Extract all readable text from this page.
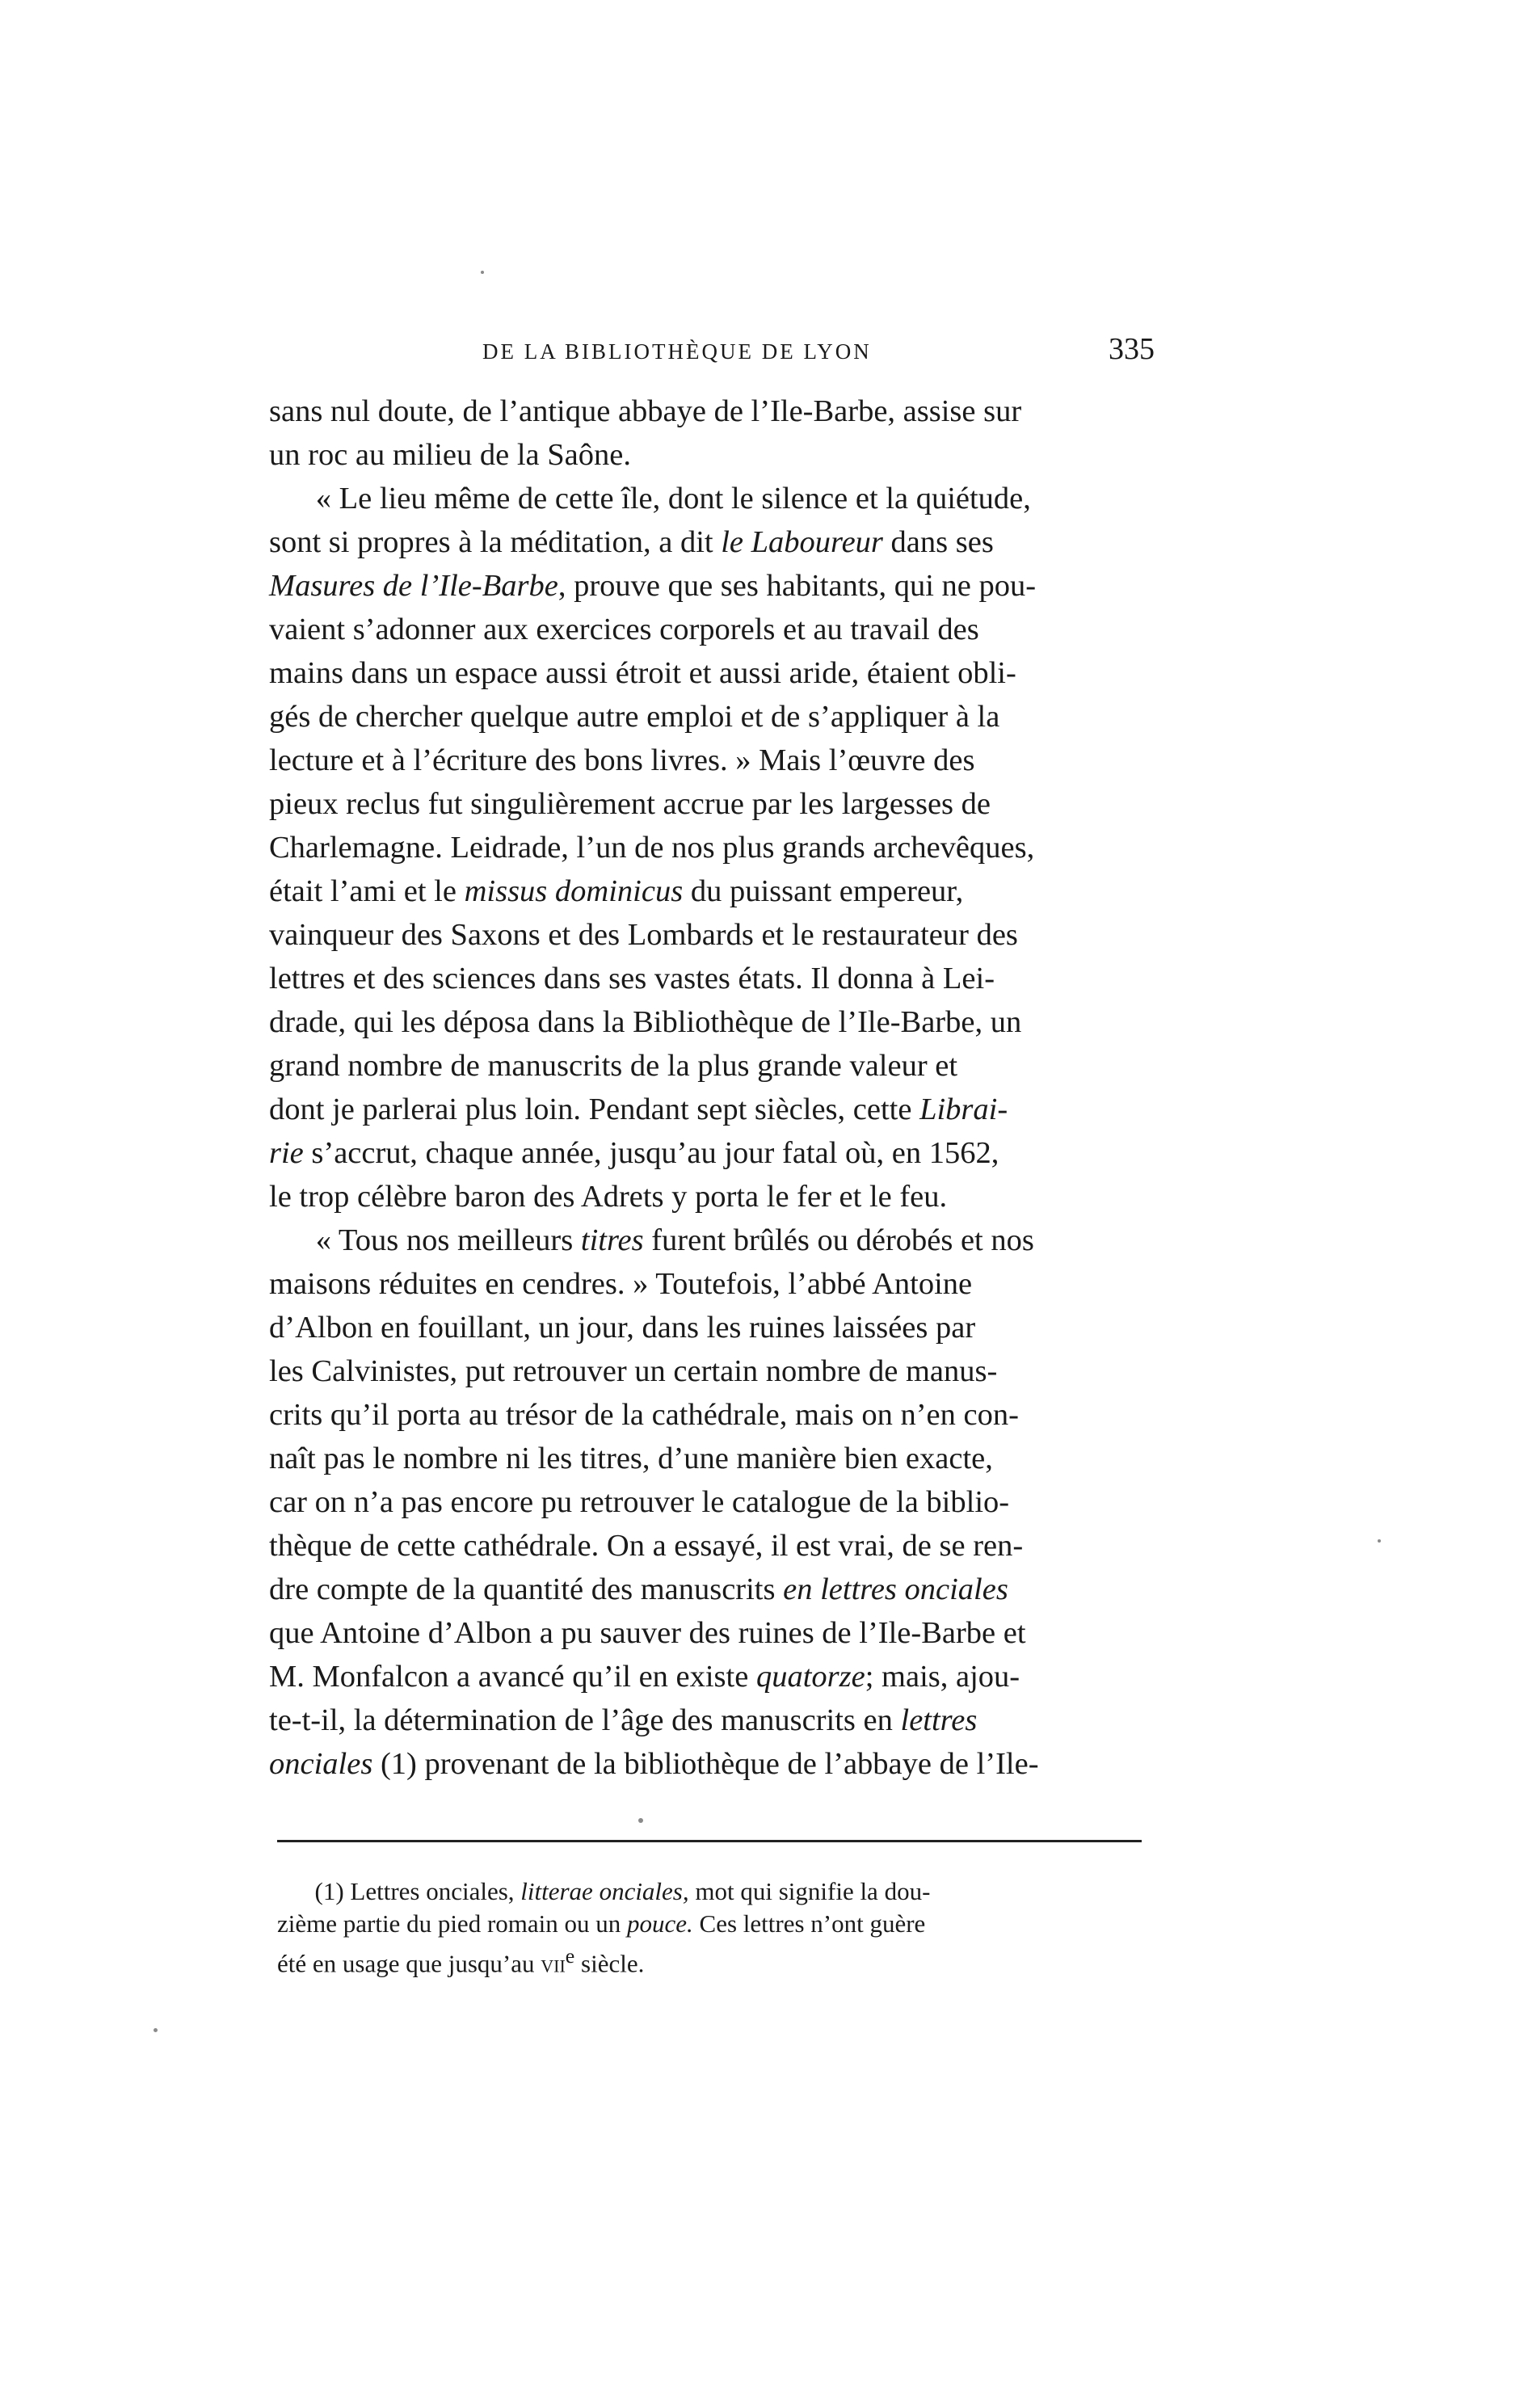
DE LA BIBLIOTHÈQUE DE LYON	335
sans nul doute, de l’antique abbaye de l’Ile-Barbe, assise sur
un roc au milieu de la Saône.
« Le lieu même de cette île, dont le silence et la quiétude,
sont si propres à la méditation, a dit le Laboureur dans ses
Masures de l’Ile-Barbe, prouve que ses habitants, qui ne pou-
vaient s’adonner aux exercices corporels et au travail des
mains dans un espace aussi étroit et aussi aride, étaient obli-
gés de chercher quelque autre emploi et de s’appliquer à la
lecture et à l’écriture des bons livres. » Mais l’œuvre des
pieux reclus fut singulièrement accrue par les largesses de
Charlemagne. Leidrade, l’un de nos plus grands archevêques,
était l’ami et le missus dominicus du puissant empereur,
vainqueur des Saxons et des Lombards et le restaurateur des
lettres et des sciences dans ses vastes états. Il donna à Lei-
drade, qui les déposa dans la Bibliothèque de l’Ile-Barbe, un
grand nombre de manuscrits de la plus grande valeur et
dont je parlerai plus loin. Pendant sept siècles, cette Librai-
rie s’accrut, chaque année, jusqu’au jour fatal où, en 1562,
le trop célèbre baron des Adrets y porta le fer et le feu.
« Tous nos meilleurs titres furent brûlés ou dérobés et nos
maisons réduites en cendres. » Toutefois, l’abbé Antoine
d’Albon en fouillant, un jour, dans les ruines laissées par
les Calvinistes, put retrouver un certain nombre de manus-
crits qu’il porta au trésor de la cathédrale, mais on n’en con-
naît pas le nombre ni les titres, d’une manière bien exacte,
car on n’a pas encore pu retrouver le catalogue de la biblio-
thèque de cette cathédrale. On a essayé, il est vrai, de se ren-
dre compte de la quantité des manuscrits en lettres onciales
que Antoine d’Albon a pu sauver des ruines de l’Ile-Barbe et
M. Monfalcon a avancé qu’il en existe quatorze; mais, ajou-
te-t-il, la détermination de l’âge des manuscrits en lettres
onciales (1) provenant de la bibliothèque de l’abbaye de l’Ile-
(1) Lettres onciales, litterae onciales, mot qui signifie la dou-
zième partie du pied romain ou un pouce. Ces lettres n’ont guère
été en usage que jusqu’au vii$^e$ siècle.
